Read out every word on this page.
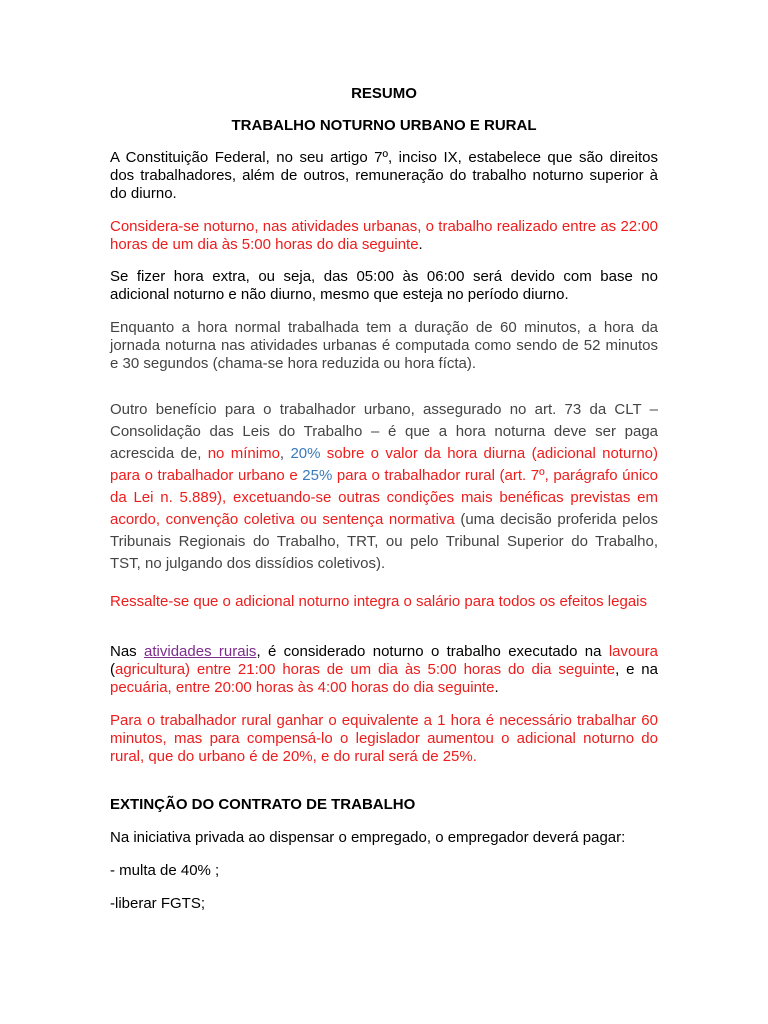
RESUMO
TRABALHO NOTURNO URBANO E RURAL

A Constituição Federal, no seu artigo 7º, inciso IX, estabelece que são direitos dos trabalhadores, além de outros, remuneração do trabalho noturno superior à do diurno.

Considera-se noturno, nas atividades urbanas, o trabalho realizado entre as 22:00 horas de um dia às 5:00 horas do dia seguinte.

Se fizer hora extra, ou seja, das 05:00 às 06:00 será devido com base no adicional noturno e não diurno, mesmo que esteja no período diurno.

Enquanto a hora normal trabalhada tem a duração de 60 minutos, a hora da jornada noturna nas atividades urbanas é computada como sendo de 52 minutos e 30 segundos (chama-se hora reduzida ou hora fícta).

Outro benefício para o trabalhador urbano, assegurado no art. 73 da CLT – Consolidação das Leis do Trabalho – é que a hora noturna deve ser paga acrescida de, no mínimo, 20% sobre o valor da hora diurna (adicional noturno) para o trabalhador urbano e 25% para o trabalhador rural (art. 7º, parágrafo único da Lei n. 5.889), excetuando-se outras condições mais benéficas previstas em acordo, convenção coletiva ou sentença normativa (uma decisão proferida pelos Tribunais Regionais do Trabalho, TRT, ou pelo Tribunal Superior do Trabalho, TST, no julgando dos dissídios coletivos).

Ressalte-se que o adicional noturno integra o salário para todos os efeitos legais

Nas atividades rurais, é considerado noturno o trabalho executado na lavoura (agricultura) entre 21:00 horas de um dia às 5:00 horas do dia seguinte, e na pecuária, entre 20:00 horas às 4:00 horas do dia seguinte.

Para o trabalhador rural ganhar o equivalente a 1 hora é necessário trabalhar 60 minutos, mas para compensá-lo o legislador aumentou o adicional noturno do rural, que do urbano é de 20%, e do rural será de 25%.

EXTINÇÃO DO CONTRATO DE TRABALHO

Na iniciativa privada ao dispensar o empregado, o empregador deverá pagar:

- multa de 40% ;

-liberar FGTS;
